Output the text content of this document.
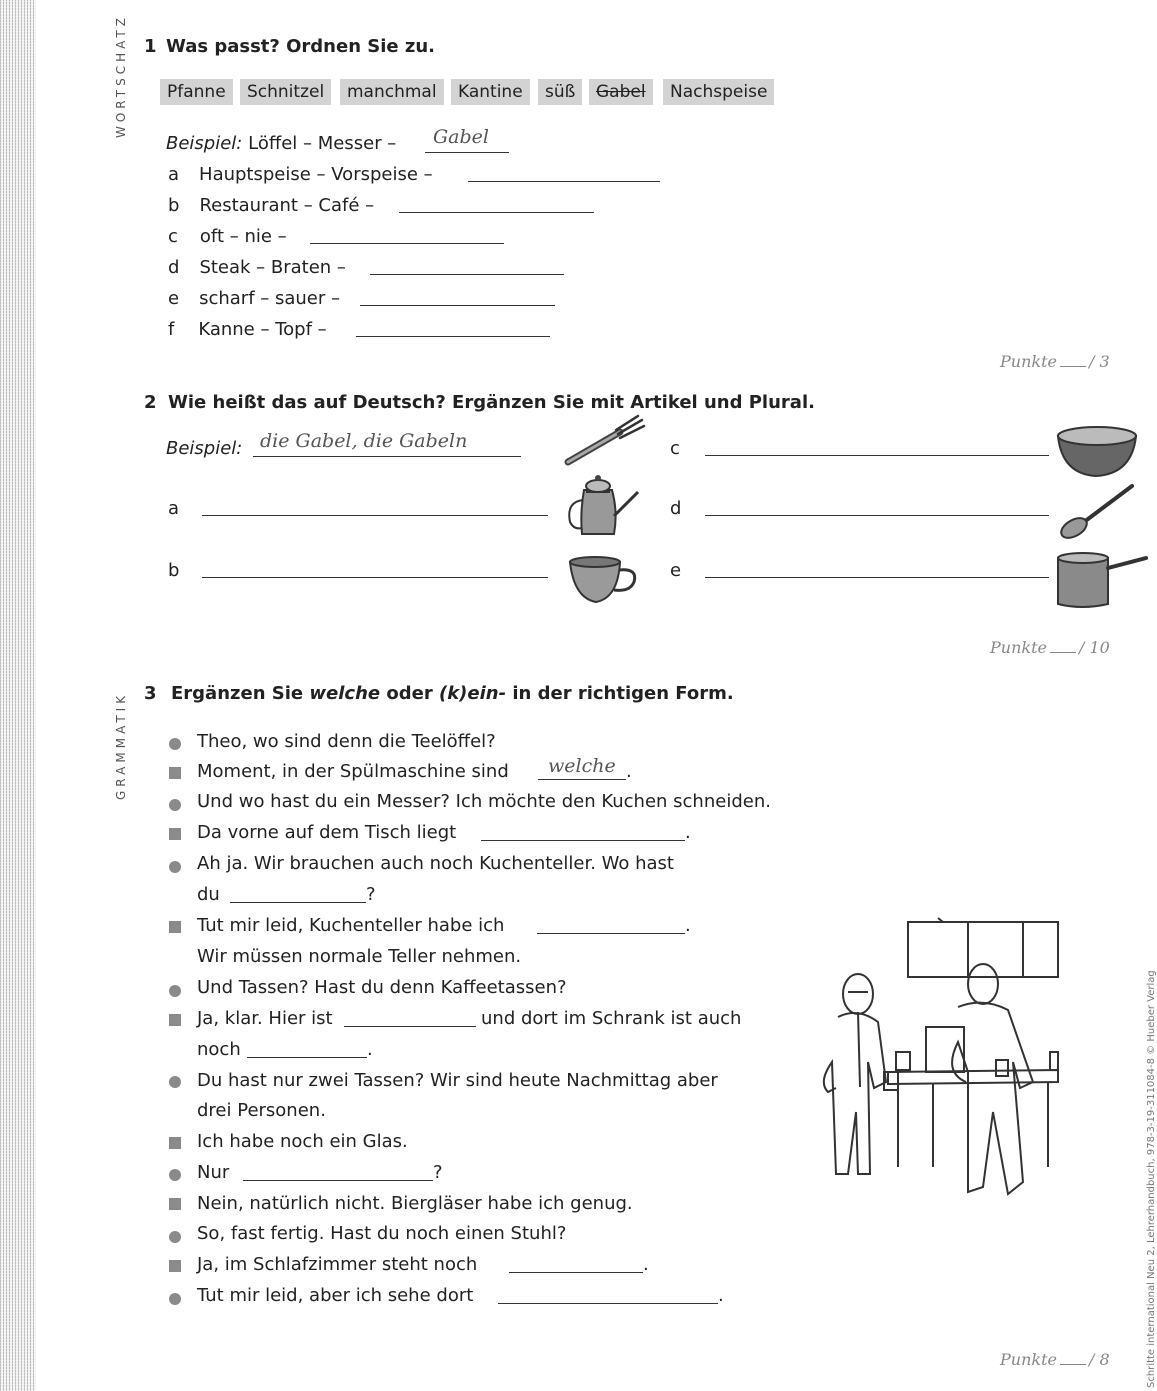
WORTSCHATZ
GRAMMATIK
1 Was passt? Ordnen Sie zu.
Pfanne	Schnitzel	manchmal	Kantine	süß	Gabel	Nachspeise
Beispiel: Löffel – Messer – Gabel
a Hauptspeise – Vorspeise –
b Restaurant – Café –
c oft – nie –
d Steak – Braten –
e scharf – sauer –
f Kanne – Topf –
Punkte / 3
2 Wie heißt das auf Deutsch? Ergänzen Sie mit Artikel und Plural.
Beispiel: die Gabel, die Gabeln
a
b
c
d
e
Punkte / 10
3 Ergänzen Sie welche oder (k)ein- in der richtigen Form.
Theo, wo sind denn die Teelöffel?
Moment, in der Spülmaschine sind welche .
Und wo hast du ein Messer? Ich möchte den Kuchen schneiden.
Da vorne auf dem Tisch liegt	.
Ah ja. Wir brauchen auch noch Kuchenteller. Wo hast
du	?
Tut mir leid, Kuchenteller habe ich	.
Wir müssen normale Teller nehmen.
Und Tassen? Hast du denn Kaffeetassen?
Ja, klar. Hier ist	und dort im Schrank ist auch
noch	.
Du hast nur zwei Tassen? Wir sind heute Nachmittag aber
drei Personen.
Ich habe noch ein Glas.
Nur	?
Nein, natürlich nicht. Biergläser habe ich genug.
So, fast fertig. Hast du noch einen Stuhl?
Ja, im Schlafzimmer steht noch	.
Tut mir leid, aber ich sehe dort	.
Punkte / 8	Schritte international Neu 2, Lehrerhandbuch, 978-3-19-311084-8 © Hueber Verlag
